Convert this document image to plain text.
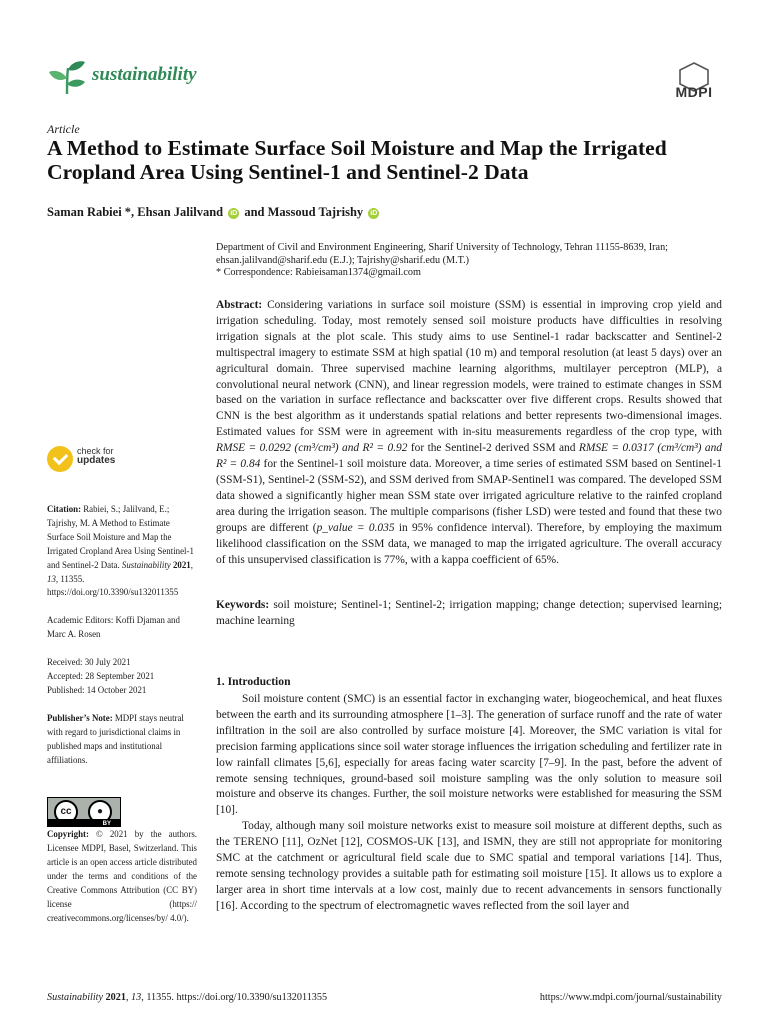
sustainability
MDPI
Article
A Method to Estimate Surface Soil Moisture and Map the Irrigated Cropland Area Using Sentinel-1 and Sentinel-2 Data
Saman Rabiei *, Ehsan Jalilvand iD and Massoud Tajrishy iD
Department of Civil and Environment Engineering, Sharif University of Technology, Tehran 11155-8639, Iran;
ehsan.jalilvand@sharif.edu (E.J.); Tajrishy@sharif.edu (M.T.)
* Correspondence: Rabieisaman1374@gmail.com
Abstract: Considering variations in surface soil moisture (SSM) is essential in improving crop yield and irrigation scheduling. Today, most remotely sensed soil moisture products have difficulties in resolving irrigation signals at the plot scale. This study aims to use Sentinel-1 radar backscatter and Sentinel-2 multispectral imagery to estimate SSM at high spatial (10 m) and temporal resolution (at least 5 days) over an agricultural domain. Three supervised machine learning algorithms, multilayer perceptron (MLP), a convolutional neural network (CNN), and linear regression models, were trained to estimate changes in SSM based on the variation in surface reflectance and backscatter over five different crops. Results showed that CNN is the best algorithm as it understands spatial relations and better represents two-dimensional images. Estimated values for SSM were in agreement with in-situ measurements regardless of the crop type, with RMSE = 0.0292 (cm³/cm³) and R² = 0.92 for the Sentinel-2 derived SSM and RMSE = 0.0317 (cm³/cm³) and R² = 0.84 for the Sentinel-1 soil moisture data. Moreover, a time series of estimated SSM based on Sentinel-1 (SSM-S1), Sentinel-2 (SSM-S2), and SSM derived from SMAP-Sentinel1 was compared. The developed SSM data showed a significantly higher mean SSM state over irrigated agriculture relative to the rainfed cropland area during the irrigation season. The multiple comparisons (fisher LSD) were tested and found that these two groups are different (p_value = 0.035 in 95% confidence interval). Therefore, by employing the maximum likelihood classification on the SSM data, we managed to map the irrigated agriculture. The overall accuracy of this unsupervised classification is 77%, with a kappa coefficient of 65%.
Keywords: soil moisture; Sentinel-1; Sentinel-2; irrigation mapping; change detection; supervised learning; machine learning
1. Introduction

Soil moisture content (SMC) is an essential factor in exchanging water, biogeochemical, and heat fluxes between the earth and its surrounding atmosphere [1–3]. The generation of surface runoff and the rate of water infiltration in the soil are also controlled by surface moisture [4]. Moreover, the SMC variation is vital for precision farming applications since soil water storage influences the irrigation scheduling and fertilizer rate in low rainfall climates [5,6], especially for areas facing water scarcity [7–9]. In the past, before the advent of remote sensing techniques, ground-based soil moisture sampling was the only solution to measure soil moisture and observe its changes. Further, the soil moisture networks were established for measuring the SSM [10].

Today, although many soil moisture networks exist to measure soil moisture at different depths, such as the TERENO [11], OzNet [12], COSMOS-UK [13], and ISMN, they are still not appropriate for monitoring SMC at the catchment or agricultural field scale due to SMC spatial and temporal variations [14]. Thus, remote sensing technology provides a suitable path for estimating soil moisture [15]. It allows us to explore a larger area in short time intervals at a low cost, mainly due to recent advancements in sensors functionally [16]. According to the spectrum of electromagnetic waves reflected from the soil layer and

check for
updates

Citation: Rabiei, S.; Jalilvand, E.; Tajrishy, M. A Method to Estimate Surface Soil Moisture and Map the Irrigated Cropland Area Using Sentinel-1 and Sentinel-2 Data. Sustainability 2021, 13, 11355. https://doi.org/10.3390/su132011355

Academic Editors: Koffi Djaman and Marc A. Rosen

Received: 30 July 2021
Accepted: 28 September 2021
Published: 14 October 2021

Publisher’s Note: MDPI stays neutral with regard to jurisdictional claims in published maps and institutional affiliations.

cc	●
BY
Copyright: © 2021 by the authors. Licensee MDPI, Basel, Switzerland. This article is an open access article distributed under the terms and conditions of the Creative Commons Attribution (CC BY) license (https:// creativecommons.org/licenses/by/ 4.0/).
Sustainability 2021, 13, 11355. https://doi.org/10.3390/su132011355	https://www.mdpi.com/journal/sustainability
